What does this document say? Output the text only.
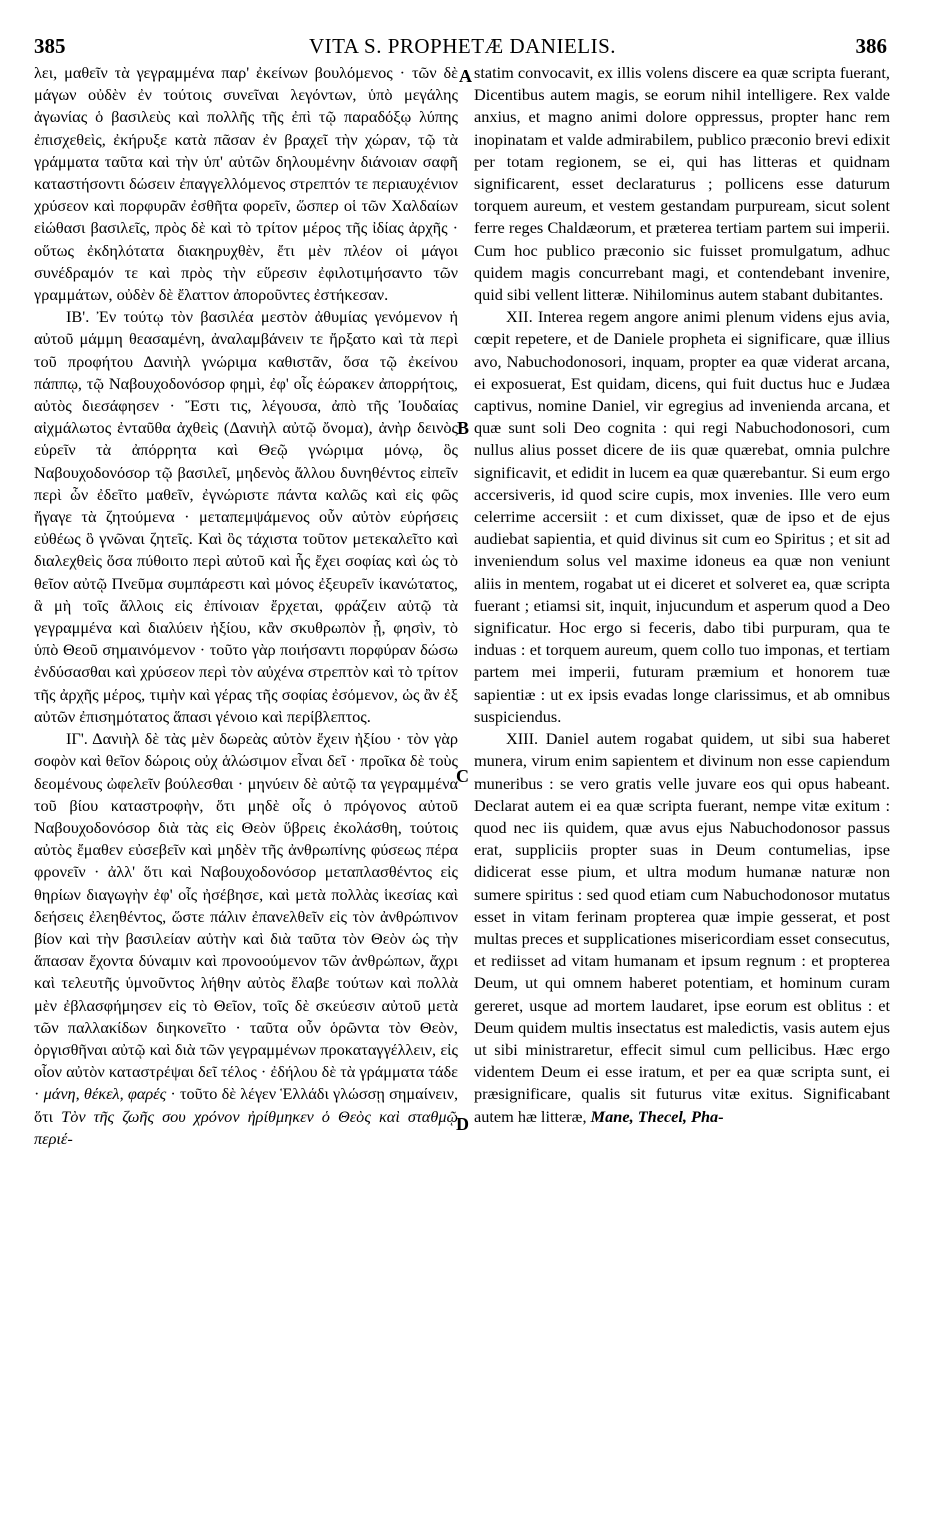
385	VITA S. PROPHETÆ DANIELIS.	386

λει, μαθεῖν τὰ γεγραμμένα παρ' ἐκείνων βουλόμενος · τῶν δὲ μάγων οὐδὲν ἐν τούτοις συνεῖναι λεγόντων, ὑπὸ μεγάλης ἀγωνίας ὁ βασιλεὺς καὶ πολλῆς τῆς ἐπὶ τῷ παραδόξῳ λύπης ἐπισχεθεὶς, ἐκήρυξε κατὰ πᾶσαν ἐν βραχεῖ τὴν χώραν, τῷ τὰ γράμματα ταῦτα καὶ τὴν ὑπ' αὐτῶν δηλουμένην διάνοιαν σαφῆ καταστήσοντι δώσειν ἐπαγγελλόμενος στρεπτόν τε περιαυχένιον χρύσεον καὶ πορφυρᾶν ἐσθῆτα φορεῖν, ὥσπερ οἱ τῶν Χαλδαίων εἰώθασι βασιλεῖς, πρὸς δὲ καὶ τὸ τρίτον μέρος τῆς ἰδίας ἀρχῆς · οὕτως ἐκδηλότατα διακηρυχθὲν, ἔτι μὲν πλέον οἱ μάγοι συνέδραμόν τε καὶ πρὸς τὴν εὕρεσιν ἐφιλοτιμήσαντο τῶν γραμμάτων, οὐδὲν δὲ ἔλαττον ἀποροῦντες ἐστήκεσαν.

ΙΒ'. Ἐν τούτῳ τὸν βασιλέα μεστὸν ἀθυμίας γενόμενον ἡ αὐτοῦ μάμμη θεασαμένη, ἀναλαμβάνειν τε ἤρξατο καὶ τὰ περὶ τοῦ προφήτου Δανιὴλ γνώριμα καθιστᾶν, ὅσα τῷ ἐκείνου πάππῳ, τῷ Ναβουχοδονόσορ φημὶ, ἐφ' οἷς ἑώρακεν ἀπορρήτοις, αὐτὸς διεσάφησεν · Ἔστι τις, λέγουσα, ἀπὸ τῆς Ἰουδαίας αἰχμάλωτος ἐνταῦθα ἀχθεὶς (Δανιὴλ αὐτῷ ὄνομα), ἀνὴρ δεινὸς εὑρεῖν τὰ ἀπόρρητα καὶ Θεῷ γνώριμα μόνῳ, ὃς Ναβουχοδονόσορ τῷ βασιλεῖ, μηδενὸς ἄλλου δυνηθέντος εἰπεῖν περὶ ὧν ἐδεῖτο μαθεῖν, ἐγνώριστε πάντα καλῶς καὶ εἰς φῶς ἤγαγε τὰ ζητούμενα · μεταπεμψάμενος οὖν αὐτὸν εὑρήσεις εὐθέως ὃ γνῶναι ζητεῖς. Καὶ ὃς τάχιστα τοῦτον μετεκαλεῖτο καὶ διαλεχθεὶς ὅσα πύθοιτο περὶ αὐτοῦ καὶ ἧς ἔχει σοφίας καὶ ὡς τὸ θεῖον αὐτῷ Πνεῦμα συμπάρεστι καὶ μόνος ἐξευρεῖν ἱκανώτατος, ἃ μὴ τοῖς ἄλλοις εἰς ἐπίνοιαν ἔρχεται, φράζειν αὐτῷ τὰ γεγραμμένα καὶ διαλύειν ἠξίου, κἂν σκυθρωπὸν ᾖ, φησὶν, τὸ ὑπὸ Θεοῦ σημαινόμενον · τοῦτο γὰρ ποιήσαντι πορφύραν δώσω ἐνδύσασθαι καὶ χρύσεον περὶ τὸν αὐχένα στρεπτὸν καὶ τὸ τρίτον τῆς ἀρχῆς μέρος, τιμὴν καὶ γέρας τῆς σοφίας ἐσόμενον, ὡς ἂν ἐξ αὐτῶν ἐπισημότατος ἅπασι γένοιο καὶ περίβλεπτος.

ΙΓ'. Δανιὴλ δὲ τὰς μὲν δωρεὰς αὐτὸν ἔχειν ἠξίου · τὸν γὰρ σοφὸν καὶ θεῖον δώροις οὐχ ἁλώσιμον εἶναι δεῖ · προῖκα δὲ τοὺς δεομένους ὠφελεῖν βούλεσθαι · μηνύειν δὲ αὐτῷ τα γεγραμμένα τοῦ βίου καταστροφὴν, ὅτι μηδὲ οἷς ὁ πρόγονος αὐτοῦ Ναβουχοδονόσορ διὰ τὰς εἰς Θεὸν ὕβρεις ἐκολάσθη, τούτοις αὐτὸς ἔμαθεν εὐσεβεῖν καὶ μηδὲν τῆς ἀνθρωπίνης φύσεως πέρα φρονεῖν · ἀλλ' ὅτι καὶ Ναβουχοδονόσορ μεταπλασθέντος εἰς θηρίων διαγωγὴν ἐφ' οἷς ἠσέβησε, καὶ μετὰ πολλὰς ἱκεσίας καὶ δεήσεις ἐλεηθέντος, ὥστε πάλιν ἐπανελθεῖν εἰς τὸν ἀνθρώπινον βίον καὶ τὴν βασιλείαν αὐτὴν καὶ διὰ ταῦτα τὸν Θεὸν ὡς τὴν ἅπασαν ἔχοντα δύναμιν καὶ προνοούμενον τῶν ἀνθρώπων, ἄχρι καὶ τελευτῆς ὑμνοῦντος λήθην αὐτὸς ἔλαβε τούτων καὶ πολλὰ μὲν ἐβλασφήμησεν εἰς τὸ Θεῖον, τοῖς δὲ σκεύεσιν αὐτοῦ μετὰ τῶν παλλακίδων διηκονεῖτο · ταῦτα οὖν ὁρῶντα τὸν Θεὸν, ὀργισθῆναι αὐτῷ καὶ διὰ τῶν γεγραμμένων προκαταγγέλλειν, εἰς οἷον αὐτὸν καταστρέψαι δεῖ τέλος · ἐδήλου δὲ τὰ γράμματα τάδε · μάνη, θέκελ, φαρές · τοῦτο δὲ λέγεν Ἑλλάδι γλώσσῃ σημαίνειν, ὅτι Τὸν τῆς ζωῆς σου χρόνον ἠρίθμηκεν ὁ Θεὸς καὶ σταθμῷ περιέ-

A
B
C
D

statim convocavit, ex illis volens discere ea quæ scripta fuerant, Dicentibus autem magis, se eorum nihil intelligere. Rex valde anxius, et magno animi dolore oppressus, propter hanc rem inopinatam et valde admirabilem, publico præconio brevi edixit per totam regionem, se ei, qui has litteras et quidnam significarent, esset declaraturus ; pollicens esse daturum torquem aureum, et vestem gestandam purpuream, sicut solent ferre reges Chaldæorum, et præterea tertiam partem sui imperii. Cum hoc publico præconio sic fuisset promulgatum, adhuc quidem magis concurrebant magi, et contendebant invenire, quid sibi vellent litteræ. Nihilominus autem stabant dubitantes.

XII. Interea regem angore animi plenum videns ejus avia, cœpit repetere, et de Daniele propheta ei significare, quæ illius avo, Nabuchodonosori, inquam, propter ea quæ viderat arcana, ei exposuerat, Est quidam, dicens, qui fuit ductus huc e Judæa captivus, nomine Daniel, vir egregius ad invenienda arcana, et quæ sunt soli Deo cognita : qui regi Nabuchodonosori, cum nullus alius posset dicere de iis quæ quærebat, omnia pulchre significavit, et edidit in lucem ea quæ quærebantur. Si eum ergo accersiveris, id quod scire cupis, mox invenies. Ille vero eum celerrime accersiit : et cum dixisset, quæ de ipso et de ejus audiebat sapientia, et quid divinus sit cum eo Spiritus ; et sit ad inveniendum solus vel maxime idoneus ea quæ non veniunt aliis in mentem, rogabat ut ei diceret et solveret ea, quæ scripta fuerant ; etiamsi sit, inquit, injucundum et asperum quod a Deo significatur. Hoc ergo si feceris, dabo tibi purpuram, qua te induas : et torquem aureum, quem collo tuo imponas, et tertiam partem mei imperii, futuram præmium et honorem tuæ sapientiæ : ut ex ipsis evadas longe clarissimus, et ab omnibus suspiciendus.

XIII. Daniel autem rogabat quidem, ut sibi sua haberet munera, virum enim sapientem et divinum non esse capiendum muneribus : se vero gratis velle juvare eos qui opus habeant. Declarat autem ei ea quæ scripta fuerant, nempe vitæ exitum : quod nec iis quidem, quæ avus ejus Nabuchodonosor passus erat, suppliciis propter suas in Deum contumelias, ipse didicerat esse pium, et ultra modum humanæ naturæ non sumere spiritus : sed quod etiam cum Nabuchodonosor mutatus esset in vitam ferinam propterea quæ impie gesserat, et post multas preces et supplicationes misericordiam esset consecutus, et rediisset ad vitam humanam et ipsum regnum : et propterea Deum, ut qui omnem haberet potentiam, et hominum curam gereret, usque ad mortem laudaret, ipse eorum est oblitus : et Deum quidem multis insectatus est maledictis, vasis autem ejus ut sibi ministraretur, effecit simul cum pellicibus. Hæc ergo videntem Deum ei esse iratum, et per ea quæ scripta sunt, ei præsignificare, qualis sit futurus vitæ exitus. Significabant autem hæ litteræ, Mane, Thecel, Pha-
